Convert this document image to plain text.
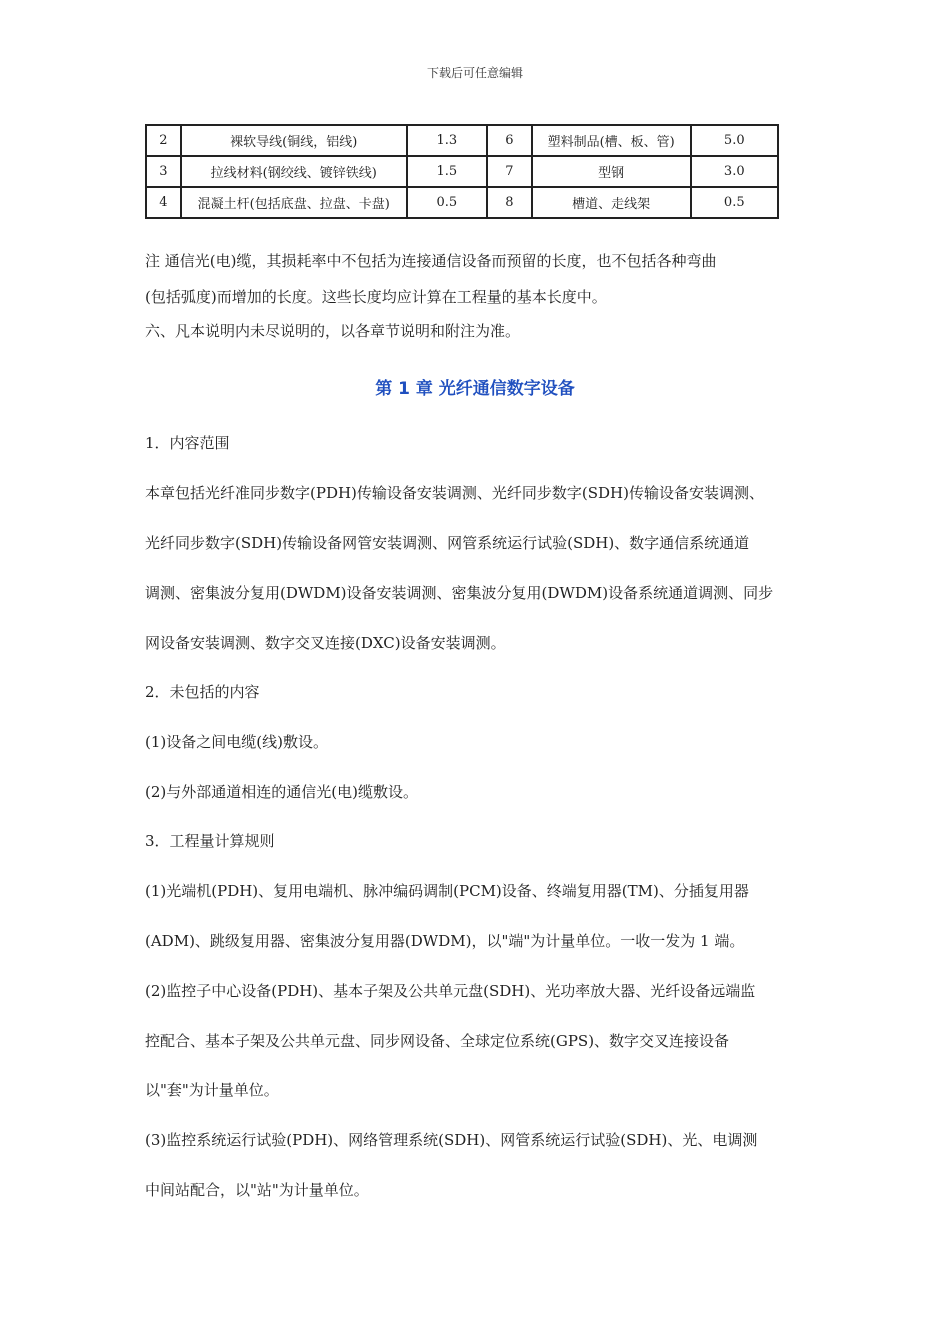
下载后可任意编辑
2	裸软导线(铜线，铝线)	1.3	6	塑料制品(槽、板、管)	5.0
3	拉线材料(钢绞线、镀锌铁线)	1.5	7	型钢	3.0
4	混凝土杆(包括底盘、拉盘、卡盘)	0.5	8	槽道、走线架	0.5
注 通信光(电)缆，其损耗率中不包括为连接通信设备而预留的长度，也不包括各种弯曲
(包括弧度)而增加的长度。这些长度均应计算在工程量的基本长度中。
六、凡本说明内未尽说明的，以各章节说明和附注为准。
第 1 章 光纤通信数字设备
1．内容范围
本章包括光纤准同步数字(PDH)传输设备安装调测、光纤同步数字(SDH)传输设备安装调测、
光纤同步数字(SDH)传输设备网管安装调测、网管系统运行试验(SDH)、数字通信系统通道
调测、密集波分复用(DWDM)设备安装调测、密集波分复用(DWDM)设备系统通道调测、同步
网设备安装调测、数字交叉连接(DXC)设备安装调测。
2．未包括的内容
(1)设备之间电缆(线)敷设。
(2)与外部通道相连的通信光(电)缆敷设。
3．工程量计算规则
(1)光端机(PDH)、复用电端机、脉冲编码调制(PCM)设备、终端复用器(TM)、分插复用器
(ADM)、跳级复用器、密集波分复用器(DWDM)，以"端"为计量单位。一收一发为 1 端。
(2)监控子中心设备(PDH)、基本子架及公共单元盘(SDH)、光功率放大器、光纤设备远端监
控配合、基本子架及公共单元盘、同步网设备、全球定位系统(GPS)、数字交叉连接设备
以"套"为计量单位。
(3)监控系统运行试验(PDH)、网络管理系统(SDH)、网管系统运行试验(SDH)、光、电调测
中间站配合，以"站"为计量单位。
